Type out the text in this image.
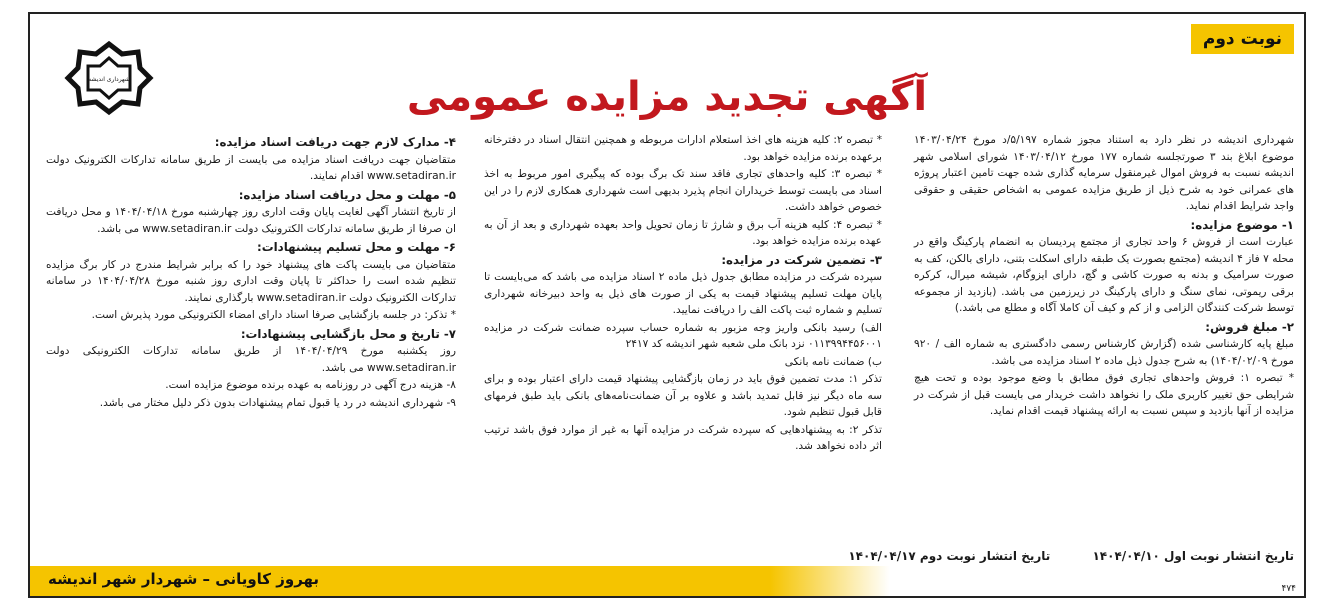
نوبت دوم
شهرداری اندیشه	آگهی تجدید مزایده عمومی

شهرداری اندیشه در نظر دارد به استناد مجوز شماره ۵/۱۹۷/د مورخ ۱۴۰۳/۰۴/۲۴ موضوع ابلاغ بند ۳ صورتجلسه شماره ۱۷۷ مورخ ۱۴۰۳/۰۴/۱۲ شورای اسلامی شهر اندیشه نسبت به فروش اموال غیرمنقول سرمایه گذاری شده جهت تامین اعتبار پروژه های عمرانی خود به شرح ذیل از طریق مزایده عمومی به اشخاص حقیقی و حقوقی واجد شرایط اقدام نماید.

۱- موضوع مزایده:

عبارت است از فروش ۶ واحد تجاری از مجتمع پردیسان به انضمام پارکینگ واقع در محله ۷ فاز ۴ اندیشه (مجتمع بصورت یک طبقه دارای اسکلت بتنی، دارای بالکن، کف به صورت سرامیک و بدنه به صورت کاشی و گچ، دارای ایزوگام، شیشه میرال، کرکره برقی ریموتی، نمای سنگ و دارای پارکینگ در زیرزمین می باشد. (بازدید از مجموعه توسط شرکت کنندگان الزامی و از کم و کیف آن کاملا آگاه و مطلع می باشد.)

۲- مبلغ فروش:

مبلغ پایه کارشناسی شده (گزارش کارشناس رسمی دادگستری به شماره الف / ۹۲۰ مورخ ۱۴۰۴/۰۲/۰۹) به شرح جدول ذیل ماده ۲ اسناد مزایده می باشد.

* تبصره ۱: فروش واحدهای تجاری فوق مطابق با وضع موجود بوده و تحت هیچ شرایطی حق تغییر کاربری ملک را نخواهد داشت خریدار می بایست قبل از شرکت در مزایده از آنها بازدید و سپس نسبت به ارائه پیشنهاد قیمت اقدام نماید.

* تبصره ۲: کلیه هزینه های اخذ استعلام ادارات مربوطه و همچنین انتقال اسناد در دفترخانه برعهده برنده مزایده خواهد بود.

* تبصره ۳: کلیه واحدهای تجاری فاقد سند تک برگ بوده که پیگیری امور مربوط به اخذ اسناد می بایست توسط خریداران انجام پذیرد بدیهی است شهرداری همکاری لازم را در این خصوص خواهد داشت.

* تبصره ۴: کلیه هزینه آب برق و شارژ تا زمان تحویل واحد بعهده شهرداری و بعد از آن به عهده برنده مزایده خواهد بود.

۳- تضمین شرکت در مزایده:

سپرده شرکت در مزایده مطابق جدول ذیل ماده ۲ اسناد مزایده می باشد که می‌بایست تا پایان مهلت تسلیم پیشنهاد قیمت به یکی از صورت های ذیل به واحد دبیرخانه شهرداری تسلیم و شماره ثبت پاکت الف را دریافت نمایید.

الف) رسید بانکی واریز وجه مزبور به شماره حساب سپرده ضمانت شرکت در مزایده ۰۱۱۳۹۹۴۴۵۶۰۰۱ نزد بانک ملی شعبه شهر اندیشه کد ۲۴۱۷

ب) ضمانت نامه بانکی

تذکر ۱: مدت تضمین فوق باید در زمان بازگشایی پیشنهاد قیمت دارای اعتبار بوده و برای سه ماه دیگر نیز قابل تمدید باشد و علاوه بر آن ضمانت‌نامه‌های بانکی باید طبق فرمهای قابل قبول تنظیم شود.

تذکر ۲: به پیشنهادهایی که سپرده شرکت در مزایده آنها به غیر از موارد فوق باشد ترتیب اثر داده نخواهد شد.

۴- مدارک لازم جهت دریافت اسناد مزایده:

متقاضیان جهت دریافت اسناد مزایده می بایست از طریق سامانه تدارکات الکترونیک دولت www.setadiran.ir اقدام نمایند.

۵- مهلت و محل دریافت اسناد مزایده:

از تاریخ انتشار آگهی لغایت پایان وقت اداری روز چهارشنبه مورخ ۱۴۰۴/۰۴/۱۸ و محل دریافت ان صرفا از طریق سامانه تدارکات الکترونیک دولت www.setadiran.ir می باشد.

۶- مهلت و محل تسلیم پیشنهادات:

متقاضیان می بایست پاکت های پیشنهاد خود را که برابر شرایط مندرج در کار برگ مزایده تنظیم شده است را حداکثر تا پایان وقت اداری روز شنبه مورخ ۱۴۰۴/۰۴/۲۸ در سامانه تدارکات الکترونیک دولت www.setadiran.ir بارگذاری نمایند.

* تذکر: در جلسه بازگشایی صرفا اسناد دارای امضاء الکترونیکی مورد پذیرش است.

۷- تاریخ و محل بازگشایی پیشنهادات:

روز یکشنبه مورخ ۱۴۰۴/۰۴/۲۹ از طریق سامانه تدارکات الکترونیکی دولت www.setadiran.ir می باشد.

۸- هزینه درج آگهی در روزنامه به عهده برنده موضوع مزایده است.

۹- شهرداری اندیشه در رد یا قبول تمام پیشنهادات بدون ذکر دلیل مختار می باشد.

تاریخ انتشار نوبت اول ۱۴۰۴/۰۴/۱۰ تاریخ انتشار نوبت دوم ۱۴۰۴/۰۴/۱۷
بهروز کاویانی – شهردار شهر اندیشه
۴۷۴
